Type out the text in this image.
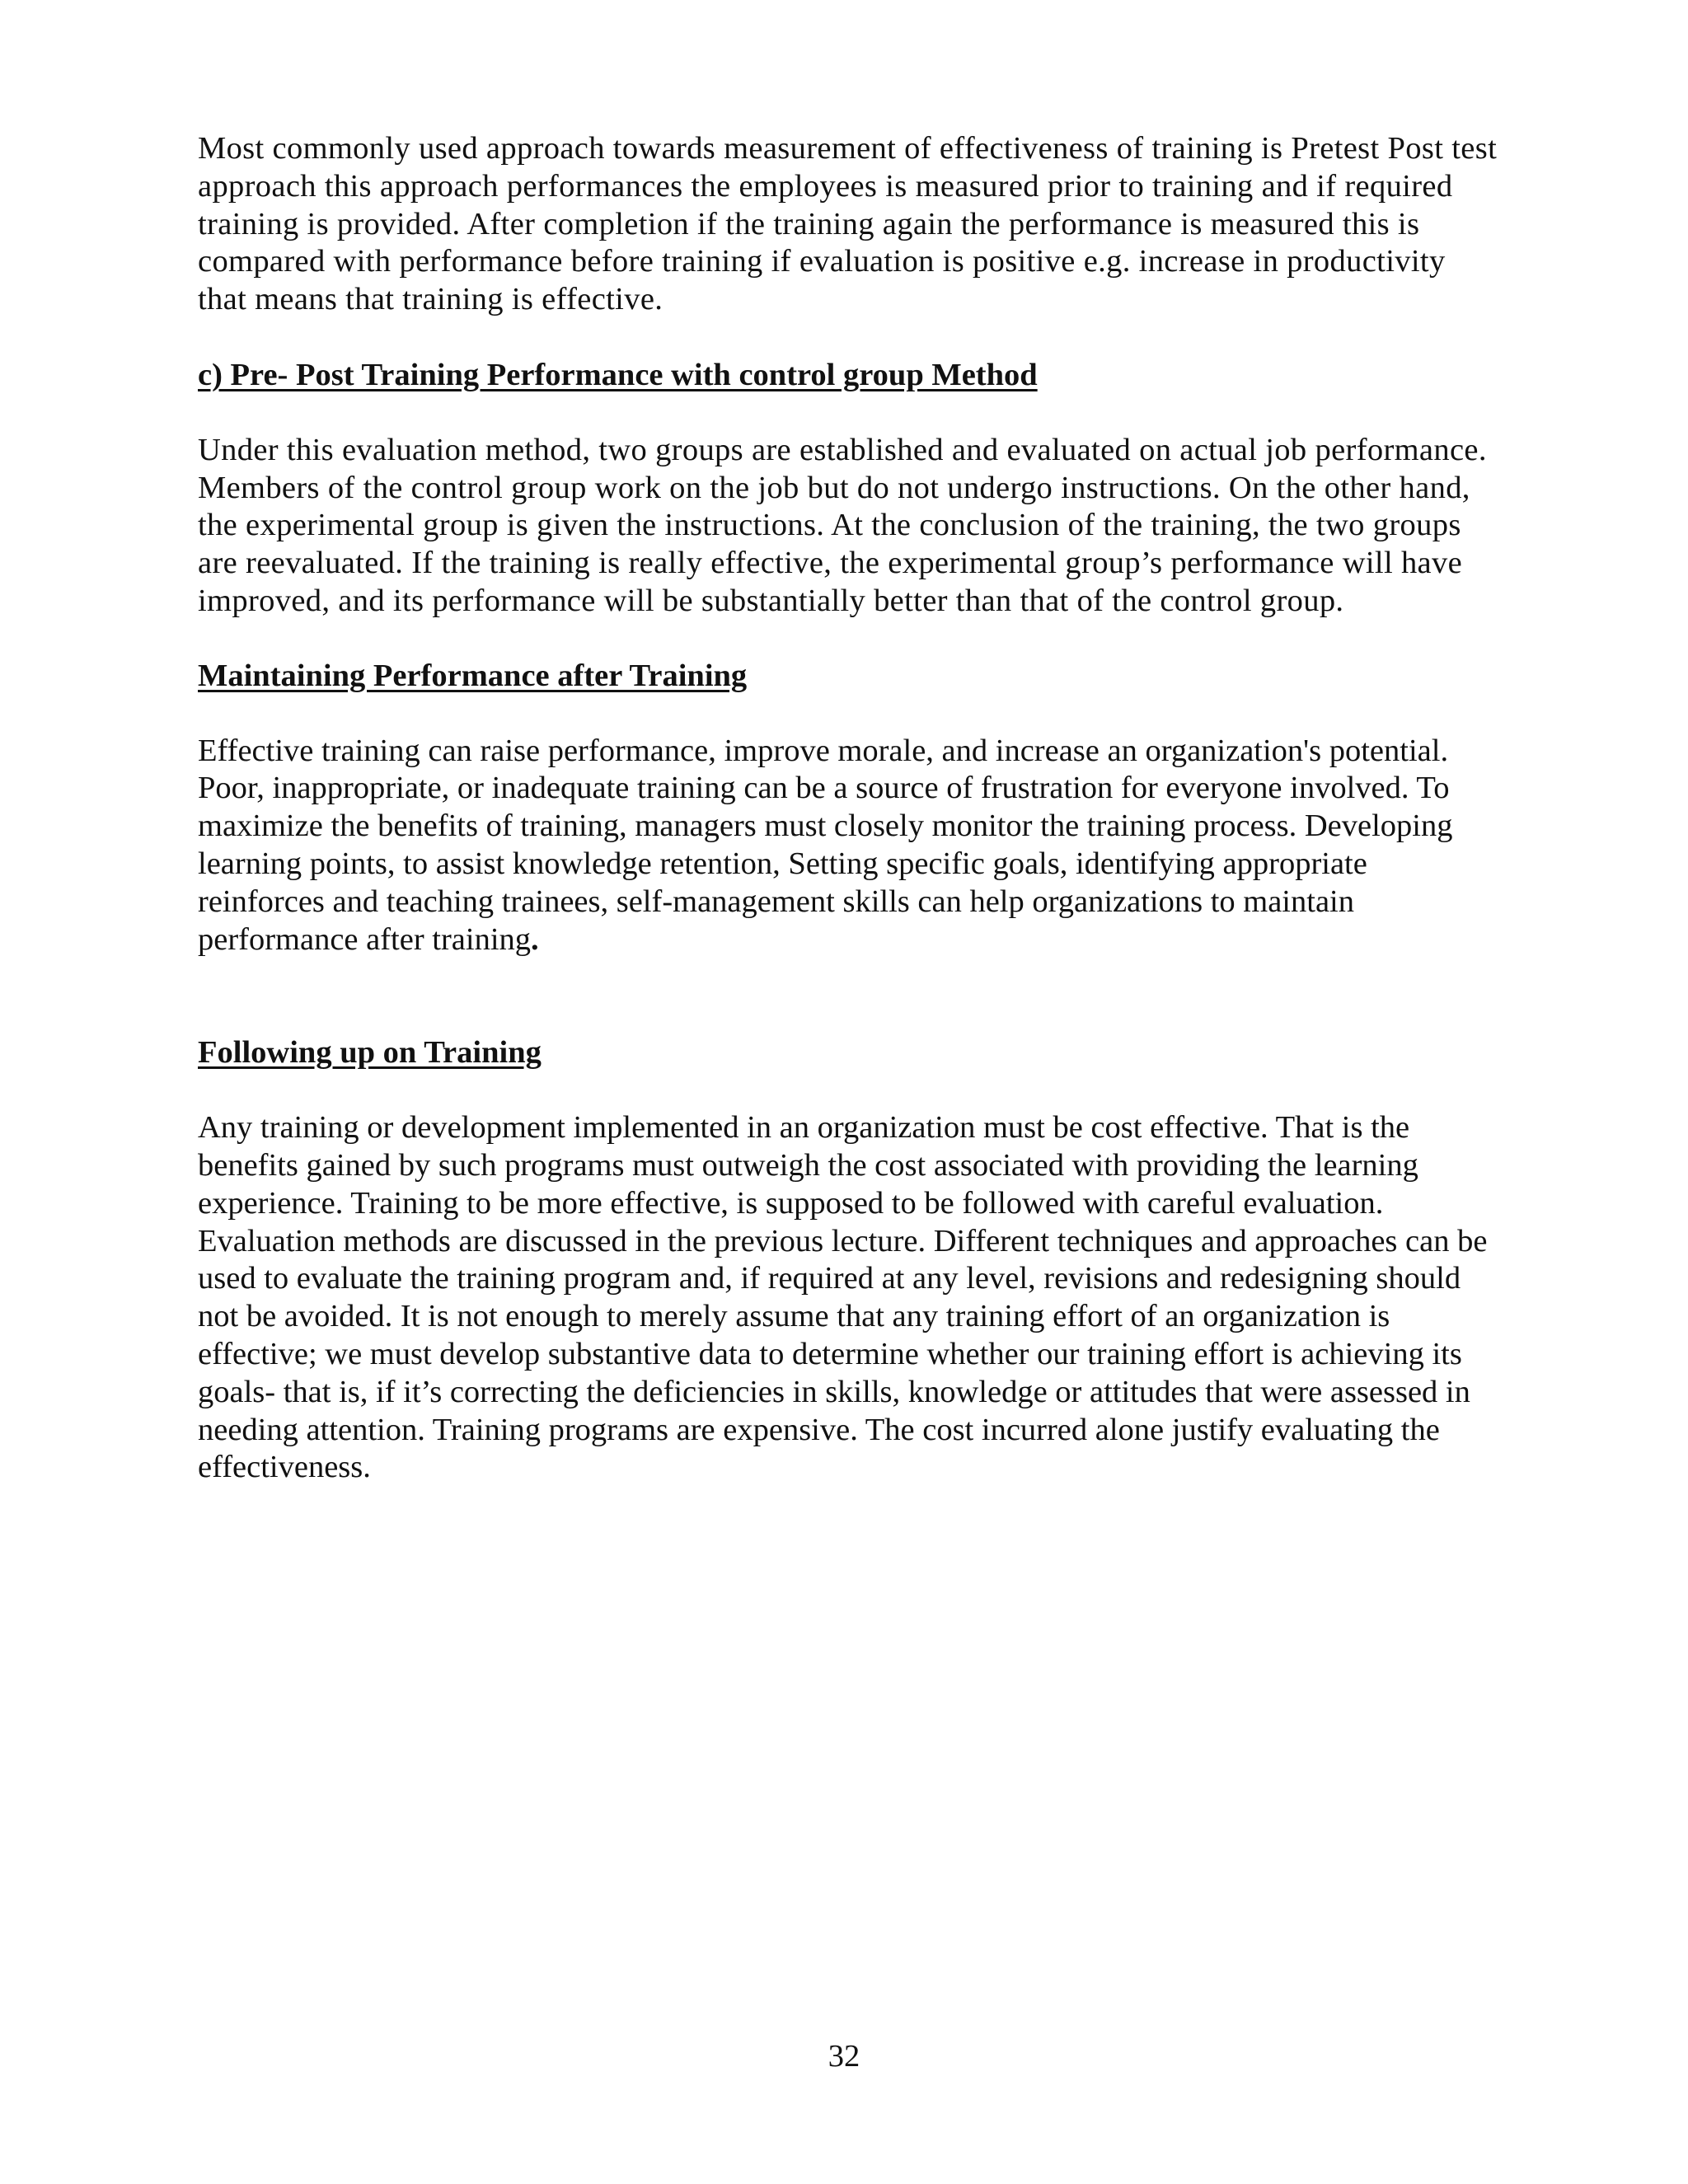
Most commonly used approach towards measurement of effectiveness of training is Pretest Post test approach this approach performances the employees is measured prior to training and if required training is provided. After completion if the training again the performance is measured this is compared with performance before training if evaluation is positive e.g. increase in productivity that means that training is effective.

c) Pre- Post Training Performance with control group Method

Under this evaluation method, two groups are established and evaluated on actual job performance. Members of the control group work on the job but do not undergo instructions. On the other hand, the experimental group is given the instructions. At the conclusion of the training, the two groups are reevaluated. If the training is really effective, the experimental group’s performance will have improved, and its performance will be substantially better than that of the control group.

Maintaining Performance after Training

Effective training can raise performance, improve morale, and increase an organization's potential. Poor, inappropriate, or inadequate training can be a source of frustration for everyone involved. To maximize the benefits of training, managers must closely monitor the training process. Developing learning points, to assist knowledge retention, Setting specific goals, identifying appropriate reinforces and teaching trainees, self-management skills can help organizations to maintain performance after training.

Following up on Training

Any training or development implemented in an organization must be cost effective. That is the benefits gained by such programs must outweigh the cost associated with providing the learning experience. Training to be more effective, is supposed to be followed with careful evaluation. Evaluation methods are discussed in the previous lecture. Different techniques and approaches can be used to evaluate the training program and, if required at any level, revisions and redesigning should not be avoided. It is not enough to merely assume that any training effort of an organization is effective; we must develop substantive data to determine whether our training effort is achieving its goals- that is, if it’s correcting the deficiencies in skills, knowledge or attitudes that were assessed in needing attention. Training programs are expensive. The cost incurred alone justify evaluating the effectiveness.

32
